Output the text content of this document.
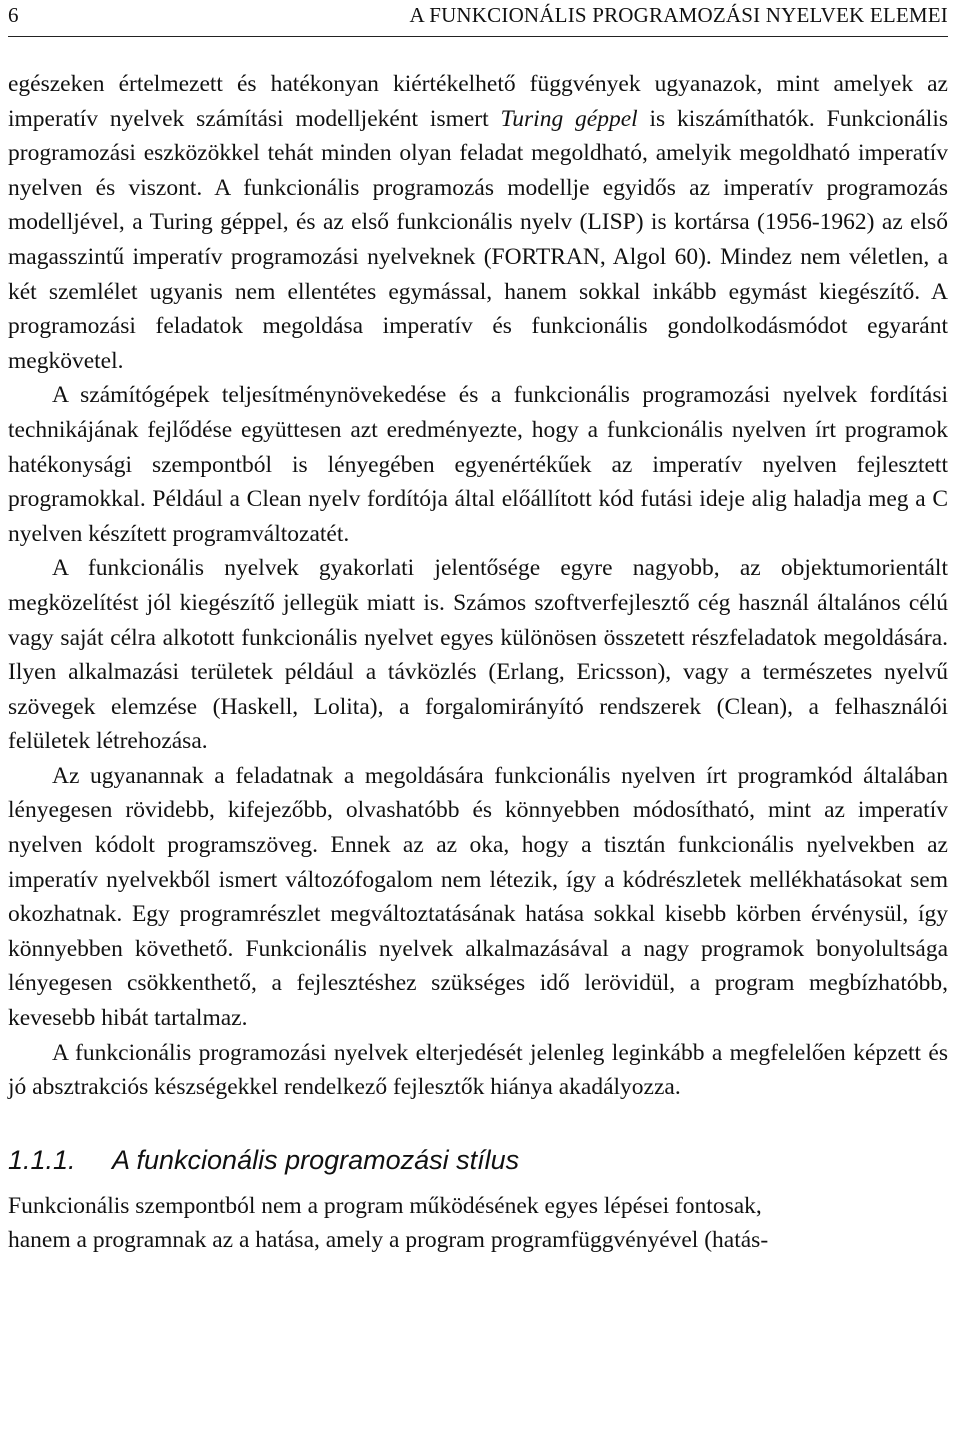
6	A FUNKCIONÁLIS PROGRAMOZÁSI NYELVEK ELEMEI

egészeken értelmezett és hatékonyan kiértékelhető függvények ugyanazok, mint amelyek az imperatív nyelvek számítási modelljeként ismert Turing géppel is kiszámíthatók. Funkcionális programozási eszközökkel tehát minden olyan feladat megoldható, amelyik megoldható imperatív nyelven és viszont. A funkcionális programozás modellje egyidős az imperatív programozás modelljével, a Turing géppel, és az első funkcionális nyelv (LISP) is kortársa (1956-1962) az első magasszintű imperatív programozási nyelveknek (FORTRAN, Algol 60). Mindez nem véletlen, a két szemlélet ugyanis nem ellentétes egymással, hanem sokkal inkább egymást kiegészítő. A programozási feladatok megoldása imperatív és funkcionális gondolkodásmódot egyaránt megkövetel.

A számítógépek teljesítménynövekedése és a funkcionális programozási nyelvek fordítási technikájának fejlődése együttesen azt eredményezte, hogy a funkcionális nyelven írt programok hatékonysági szempontból is lényegében egyenértékűek az imperatív nyelven fejlesztett programokkal. Például a Clean nyelv fordítója által előállított kód futási ideje alig haladja meg a C nyelven készített programváltozatét.

A funkcionális nyelvek gyakorlati jelentősége egyre nagyobb, az objektumorientált megközelítést jól kiegészítő jellegük miatt is. Számos szoftverfejlesztő cég használ általános célú vagy saját célra alkotott funkcionális nyelvet egyes különösen összetett részfeladatok megoldására. Ilyen alkalmazási területek például a távközlés (Erlang, Ericsson), vagy a természetes nyelvű szövegek elemzése (Haskell, Lolita), a forgalomirányító rendszerek (Clean), a felhasználói felületek létrehozása.

Az ugyanannak a feladatnak a megoldására funkcionális nyelven írt programkód általában lényegesen rövidebb, kifejezőbb, olvashatóbb és könnyebben módosítható, mint az imperatív nyelven kódolt programszöveg. Ennek az az oka, hogy a tisztán funkcionális nyelvekben az imperatív nyelvekből ismert változófogalom nem létezik, így a kódrészletek mellékhatásokat sem okozhatnak. Egy programrészlet megváltoztatásának hatása sokkal kisebb körben érvénysül, így könnyebben követhető. Funkcionális nyelvek alkalmazásával a nagy programok bonyolultsága lényegesen csökkenthető, a fejlesztéshez szükséges idő lerövidül, a program megbízhatóbb, kevesebb hibát tartalmaz.

A funkcionális programozási nyelvek elterjedését jelenleg leginkább a megfelelően képzett és jó absztrakciós készségekkel rendelkező fejlesztők hiánya akadályozza.

1.1.1. A funkcionális programozási stílus

Funkcionális szempontból nem a program működésének egyes lépései fontosak,
hanem a programnak az a hatása, amely a program programfüggvényével (hatás-
